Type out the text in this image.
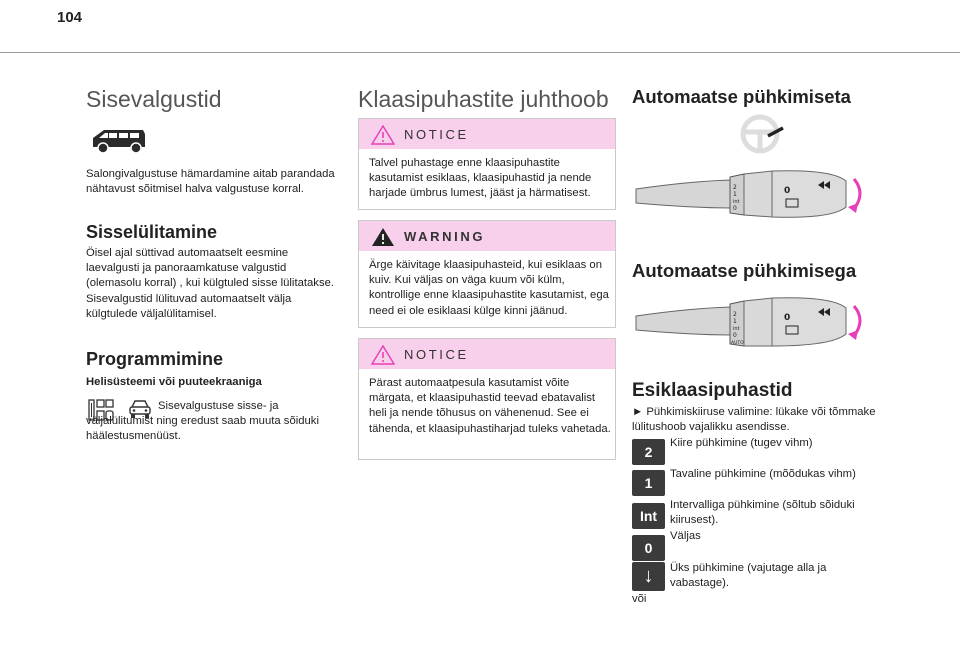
104
Sisevalgustid
Salongivalgustuse hämardamine aitab parandada nähtavust sõitmisel halva valgustuse korral.
Sisselülitamine
Öisel ajal süttivad automaatselt eesmine laevalgusti ja panoraamkatuse valgustid (olemasolu korral) , kui külgtuled sisse lülitatakse.
Sisevalgustid lülituvad automaatselt välja külgtulede väljalülitamisel.
Programmimine
Helisüsteemi või puuteekraaniga
Sisevalgustuse sisse- ja väljalülitumist ning eredust saab muuta sõiduki häälestusmenüüst.
Klaasipuhastite juhthoob
NOTICE
Talvel puhastage enne klaasipuhastite kasutamist esiklaas, klaasipuhastid ja nende harjade ümbrus lumest, jääst ja härmatisest.
WARNING
Ärge käivitage klaasipuhasteid, kui esiklaas on kuiv. Kui väljas on väga kuum või külm, kontrollige enne klaasipuhastite kasutamist, ega need ei ole esiklaasi külge kinni jäänud.
NOTICE
Pärast automaatpesula kasutamist võite märgata, et klaasipuhastid teevad ebatavalist heli ja nende tõhusus on vähenenud. See ei tähenda, et klaasipuhastiharjad tuleks vahetada.
Automaatse pühkimiseta
2
1
int
0
0
Automaatse pühkimisega
2
1
int
0
AUTO
0
Esiklaasipuhastid
► Pühkimiskiiruse valimine: lükake või tõmmake lülitushoob vajalikku asendisse.
2
Kiire pühkimine (tugev vihm)
1
Tavaline pühkimine (mõõdukas vihm)
Int
Intervalliga pühkimine (sõltub sõiduki kiirusest).
0
Väljas
↓	Üks pühkimine (vajutage alla ja vabastage).
või
